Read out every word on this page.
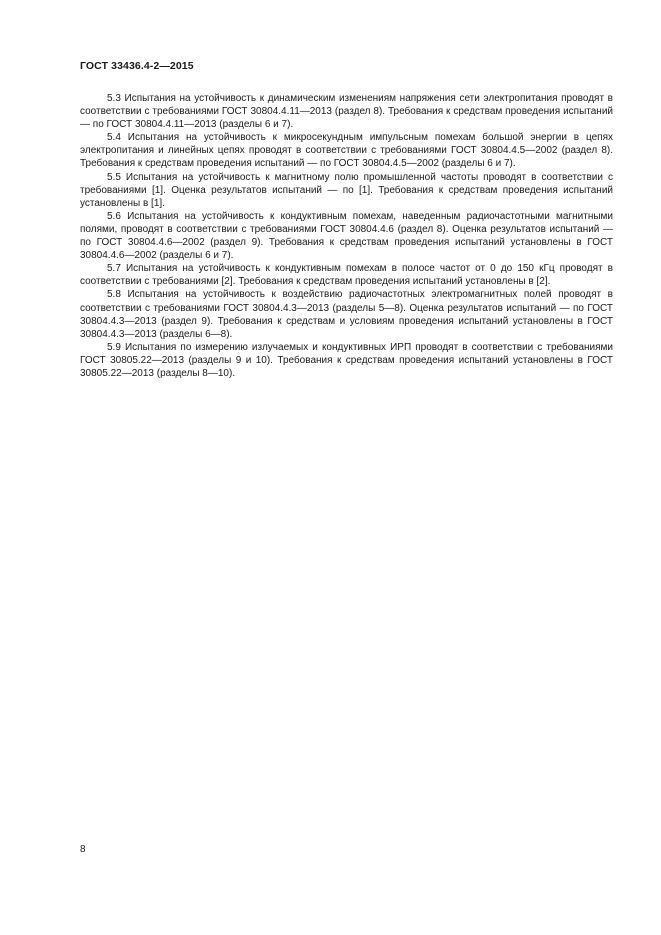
ГОСТ 33436.4-2—2015

5.3 Испытания на устойчивость к динамическим изменениям напряжения сети электропитания проводят в соответствии с требованиями ГОСТ 30804.4.11—2013 (раздел 8). Требования к средствам проведения испытаний — по ГОСТ 30804.4.11—2013 (разделы 6 и 7).

5.4 Испытания на устойчивость к микросекундным импульсным помехам большой энергии в цепях электропитания и линейных цепях проводят в соответствии с требованиями ГОСТ 30804.4.5—2002 (раздел 8). Требования к средствам проведения испытаний — по ГОСТ 30804.4.5—2002 (разделы 6 и 7).

5.5 Испытания на устойчивость к магнитному полю промышленной частоты проводят в соответствии с требованиями [1]. Оценка результатов испытаний — по [1]. Требования к средствам проведения испытаний установлены в [1].

5.6 Испытания на устойчивость к кондуктивным помехам, наведенным радиочастотными магнитными полями, проводят в соответствии с требованиями ГОСТ 30804.4.6 (раздел 8). Оценка результатов испытаний — по ГОСТ 30804.4.6—2002 (раздел 9). Требования к средствам проведения испытаний установлены в ГОСТ 30804.4.6—2002 (разделы 6 и 7).

5.7 Испытания на устойчивость к кондуктивным помехам в полосе частот от 0 до 150 кГц проводят в соответствии с требованиями [2]. Требования к средствам проведения испытаний установлены в [2].

5.8 Испытания на устойчивость к воздействию радиочастотных электромагнитных полей проводят в соответствии с требованиями ГОСТ 30804.4.3—2013 (разделы 5—8). Оценка результатов испытаний — по ГОСТ 30804.4.3—2013 (раздел 9). Требования к средствам и условиям проведения испытаний установлены в ГОСТ 30804.4.3—2013 (разделы 6—8).

5.9 Испытания по измерению излучаемых и кондуктивных ИРП проводят в соответствии с требованиями ГОСТ 30805.22—2013 (разделы 9 и 10). Требования к средствам проведения испытаний установлены в ГОСТ 30805.22—2013 (разделы 8—10).

8
